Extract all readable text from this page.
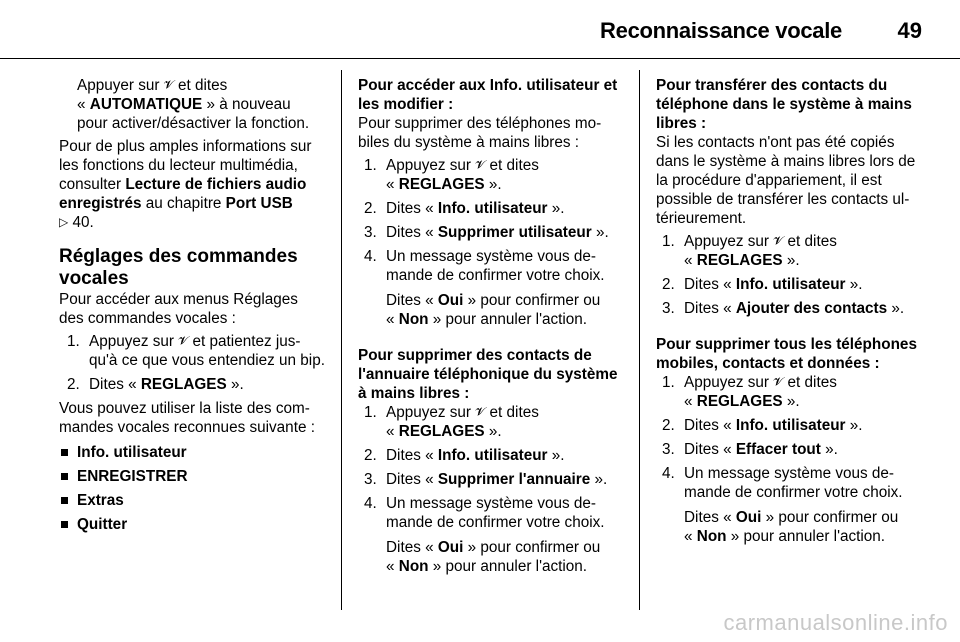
Reconnaissance vocale	49

Appuyer sur 𝓥 et dites
« AUTOMATIQUE » à nouveau
pour activer/désactiver la fonction.

Pour de plus amples informations sur les fonctions du lecteur multimédia, consulter Lecture de fichiers audio enregistrés au chapitre Port USB
▷ 40.

Réglages des commandes vocales

Pour accéder aux menus Réglages des commandes vocales :

1. Appuyez sur 𝓥 et patientez jus-qu'à ce que vous entendiez un bip.
2. Dites « REGLAGES ».

Vous pouvez utiliser la liste des com-mandes vocales reconnues suivante :

Info. utilisateur
ENREGISTRER
Extras
Quitter

Pour accéder aux Info. utilisateur et les modifier :

Pour supprimer des téléphones mo-biles du système à mains libres :

1. Appuyez sur 𝓥 et dites
« REGLAGES ».
2. Dites « Info. utilisateur ».
3. Dites « Supprimer utilisateur ».
4. Un message système vous de-mande de confirmer votre choix.

Dites « Oui » pour confirmer ou
« Non » pour annuler l'action.

Pour supprimer des contacts de l'annuaire téléphonique du système à mains libres :

1. Appuyez sur 𝓥 et dites
« REGLAGES ».
2. Dites « Info. utilisateur ».
3. Dites « Supprimer l'annuaire ».
4. Un message système vous de-mande de confirmer votre choix.

Dites « Oui » pour confirmer ou
« Non » pour annuler l'action.

Pour transférer des contacts du téléphone dans le système à mains libres :

Si les contacts n'ont pas été copiés dans le système à mains libres lors de la procédure d'appariement, il est possible de transférer les contacts ul-térieurement.

1. Appuyez sur 𝓥 et dites
« REGLAGES ».
2. Dites « Info. utilisateur ».
3. Dites « Ajouter des contacts ».

Pour supprimer tous les téléphones mobiles, contacts et données :

1. Appuyez sur 𝓥 et dites
« REGLAGES ».
2. Dites « Info. utilisateur ».
3. Dites « Effacer tout ».
4. Un message système vous de-mande de confirmer votre choix.

Dites « Oui » pour confirmer ou
« Non » pour annuler l'action.

carmanualsonline.info
